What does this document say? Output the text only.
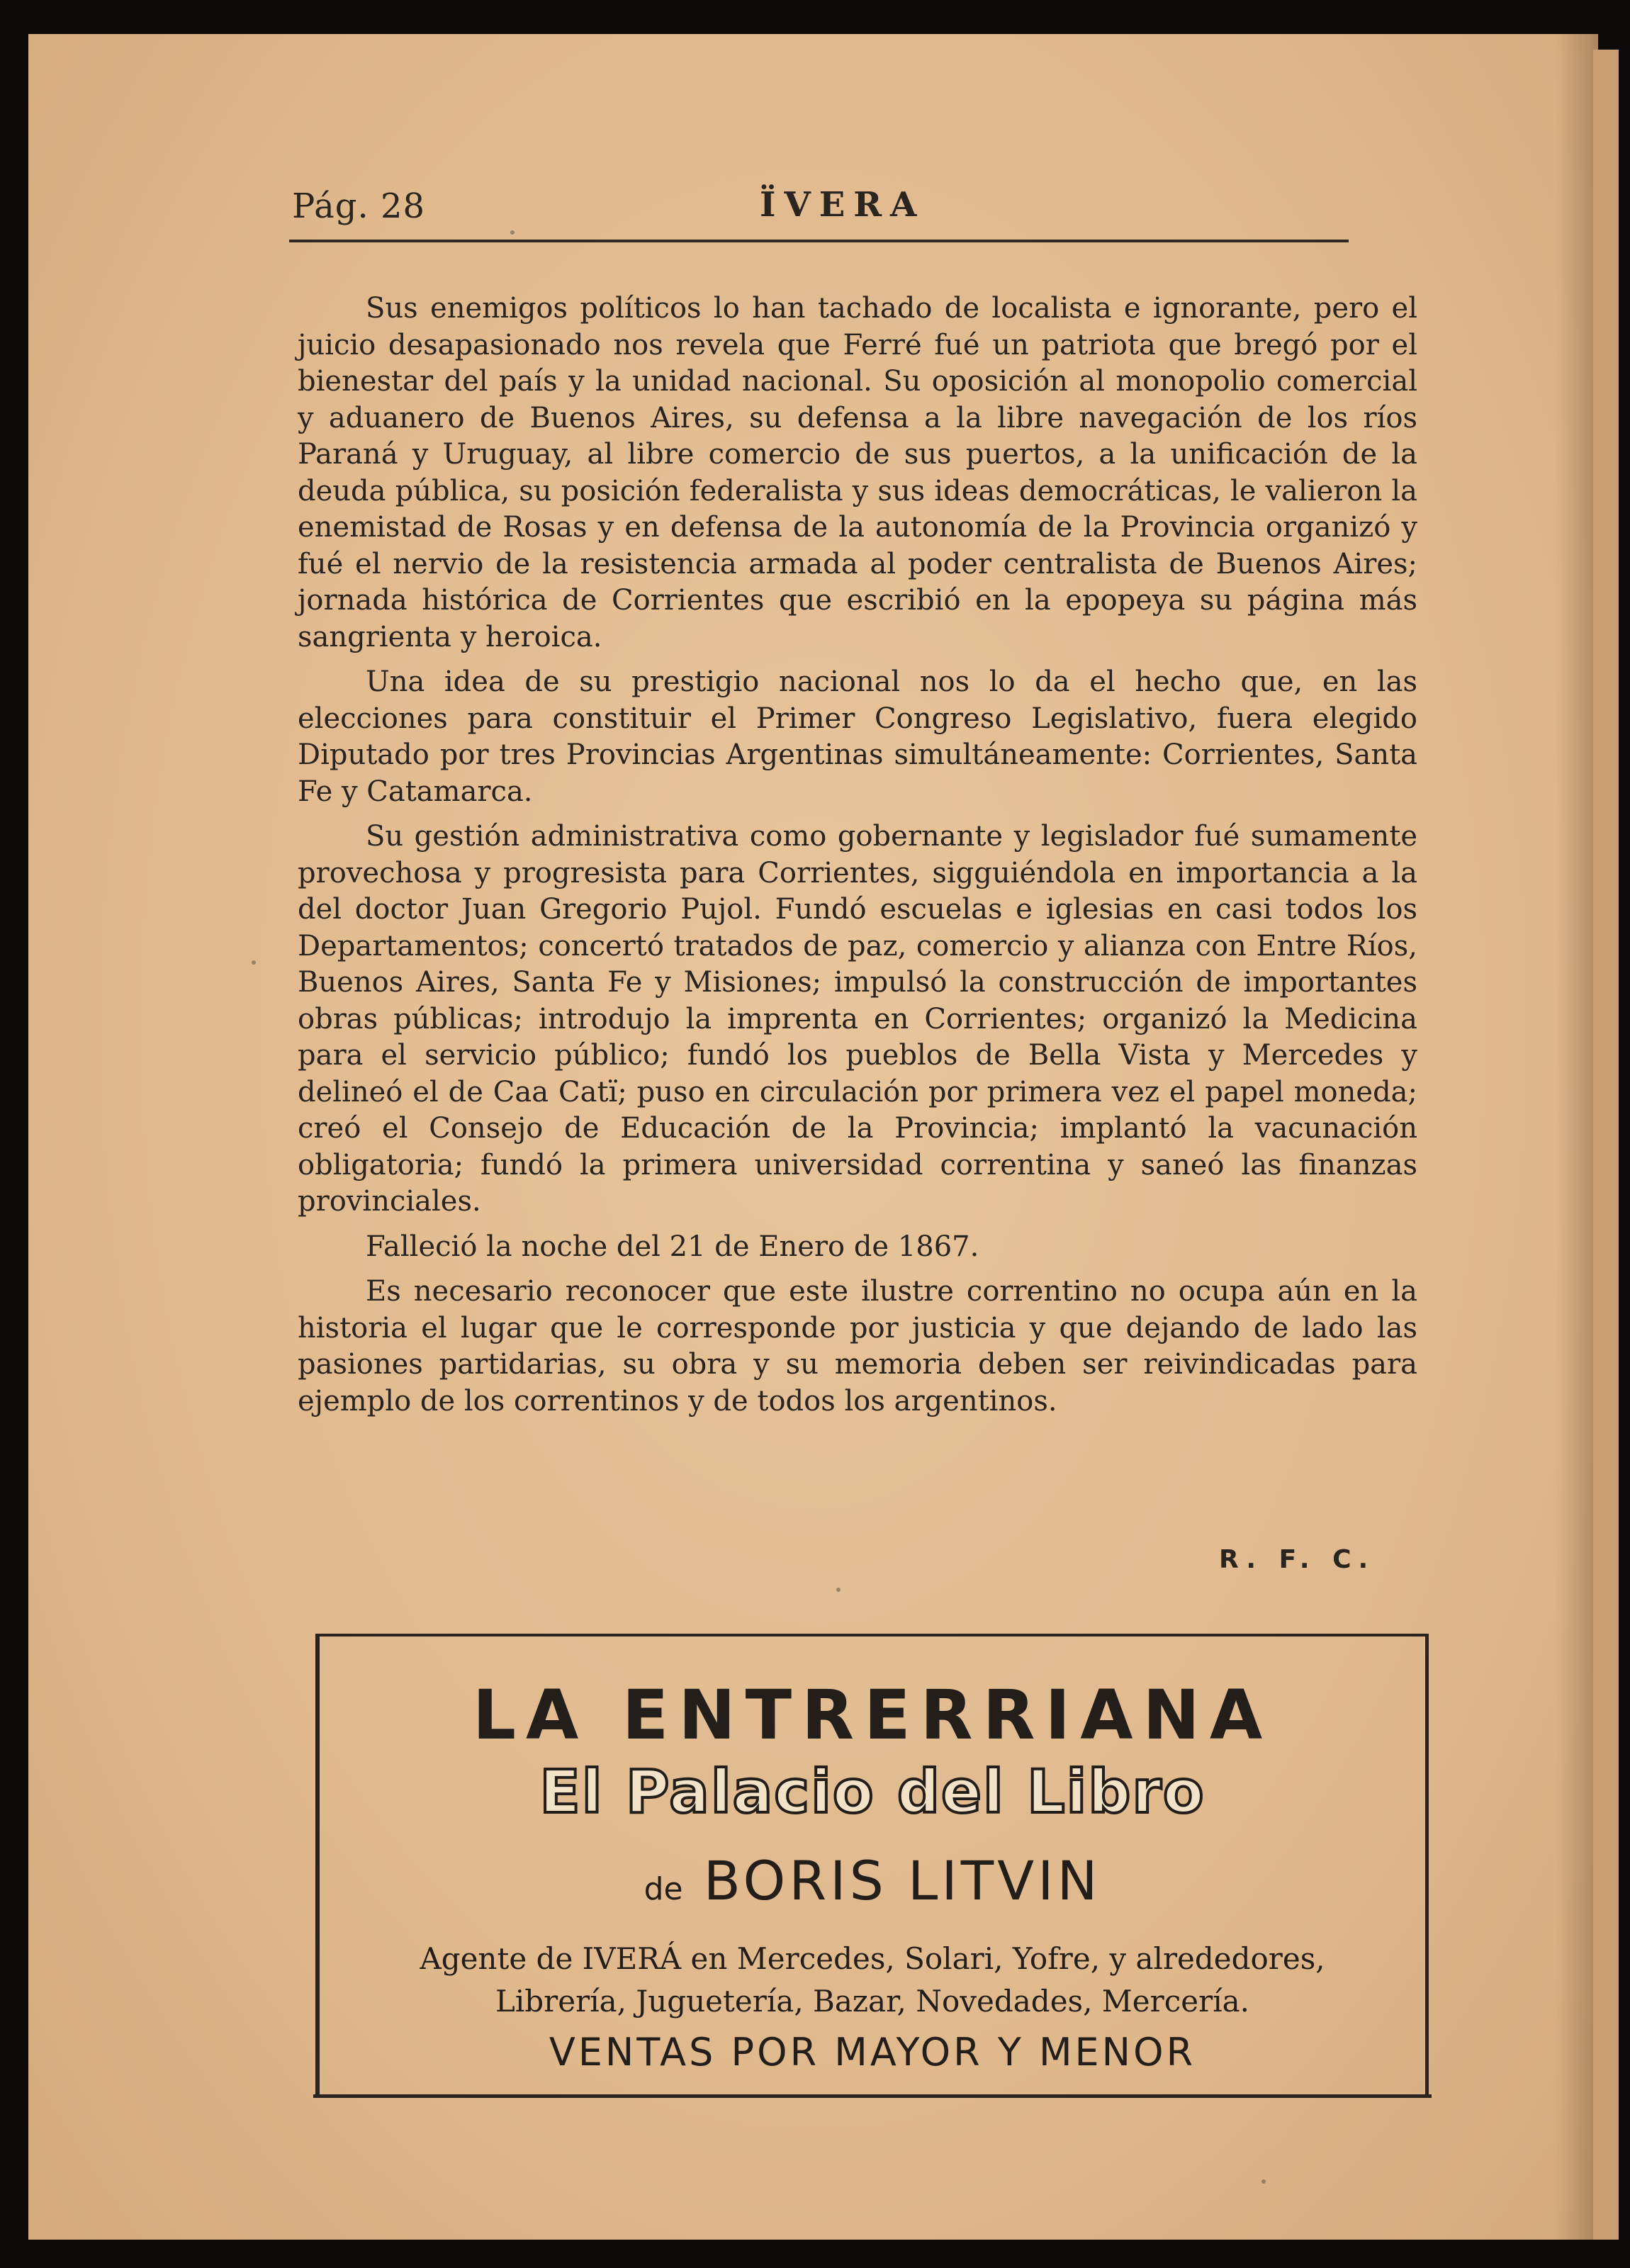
Pág. 28	ÏVERA

Sus enemigos políticos lo han tachado de localista e ignorante, pero el juicio desapasionado nos revela que Ferré fué un patriota que bregó por el bienestar del país y la unidad nacional. Su oposición al monopolio comercial y aduanero de Buenos Aires, su defensa a la libre navegación de los ríos Paraná y Uruguay, al libre comercio de sus puertos, a la unificación de la deuda pública, su posición federalista y sus ideas democráticas, le valieron la enemistad de Rosas y en defensa de la autonomía de la Provincia organizó y fué el nervio de la resistencia armada al poder centralista de Buenos Aires; jornada histórica de Corrientes que escribió en la epopeya su página más sangrienta y heroica.

Una idea de su prestigio nacional nos lo da el hecho que, en las elecciones para constituir el Primer Congreso Legislativo, fuera elegido Diputado por tres Provincias Argentinas simultáneamente: Corrientes, Santa Fe y Catamarca.

Su gestión administrativa como gobernante y legislador fué sumamente provechosa y progresista para Corrientes, sigguiéndola en importancia a la del doctor Juan Gregorio Pujol. Fundó escuelas e iglesias en casi todos los Departamentos; concertó tratados de paz, comercio y alianza con Entre Ríos, Buenos Aires, Santa Fe y Misiones; impulsó la construcción de importantes obras públicas; introdujo la imprenta en Corrientes; organizó la Medicina para el servicio público; fundó los pueblos de Bella Vista y Mercedes y delineó el de Caa Catï; puso en circulación por primera vez el papel moneda; creó el Consejo de Educación de la Provincia; implantó la vacunación obligatoria; fundó la primera universidad correntina y saneó las finanzas provinciales.

Falleció la noche del 21 de Enero de 1867.

Es necesario reconocer que este ilustre correntino no ocupa aún en la historia el lugar que le corresponde por justicia y que dejando de lado las pasiones partidarias, su obra y su memoria deben ser reivindicadas para ejemplo de los correntinos y de todos los argentinos.

R. F. C.
LA ENTRERRIANA
El Palacio del Libro
de BORIS LITVIN
Agente de IVERÁ en Mercedes, Solari, Yofre, y alrededores, Librería, Juguetería, Bazar, Novedades, Mercería.
VENTAS POR MAYOR Y MENOR
